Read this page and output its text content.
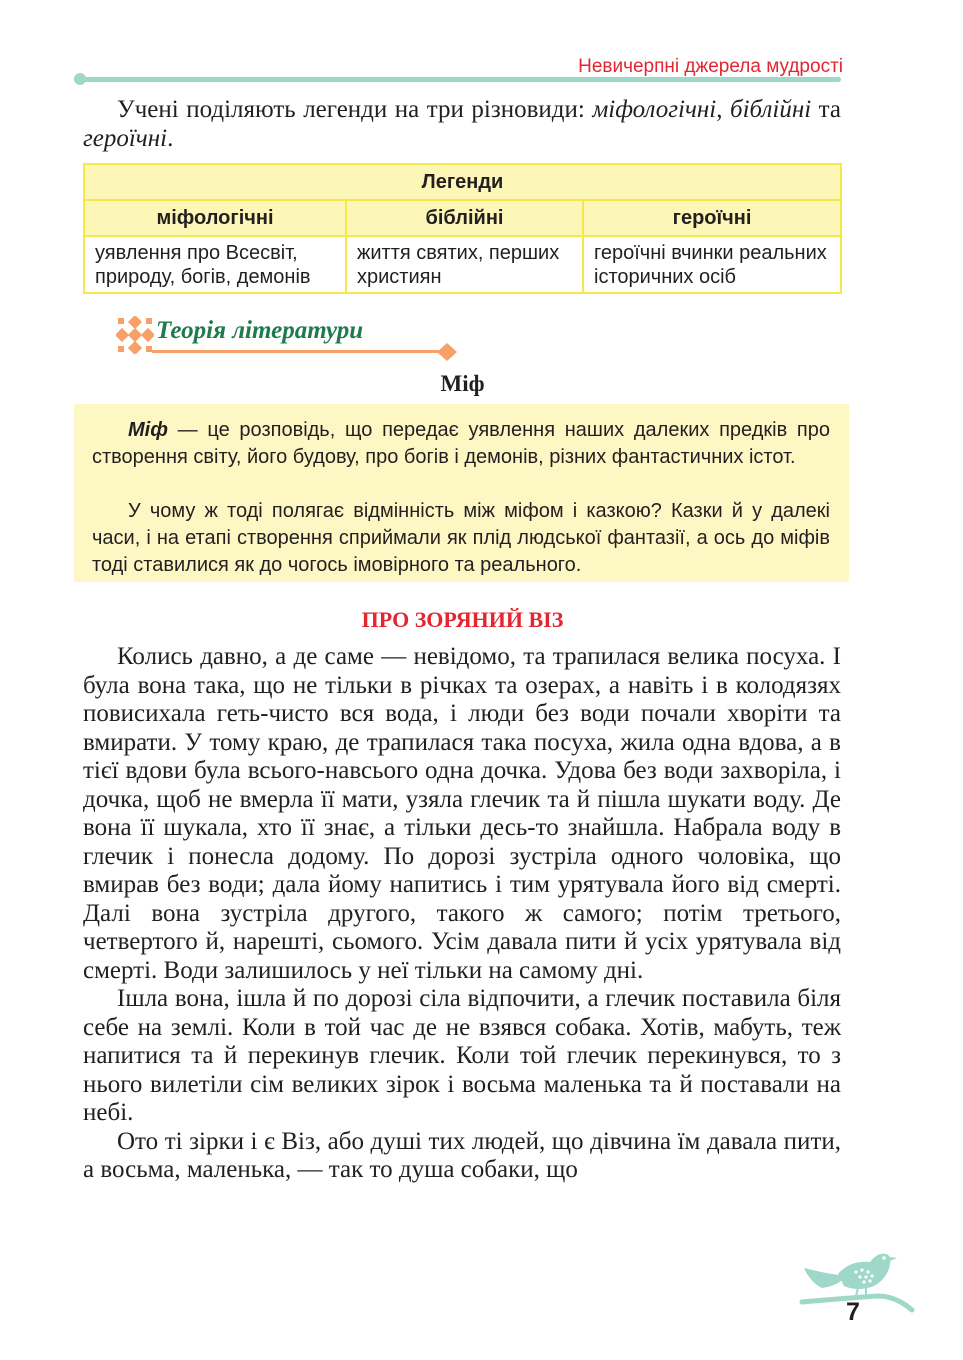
Невичерпні джерела мудрості

Учені поділяють легенди на три різновиди: міфологічні, біблійні та героїчні.

Легенди		
міфологічні	біблійні	героїчні
уявлення про Всесвіт, природу, богів, демонів	життя святих, перших християн	героїчні вчинки реальних історичних осіб
Теорія літератури
Міф

Міф — це розповідь, що передає уявлення наших далеких предків про створення світу, його будову, про богів і демонів, різних фантастичних істот.

У чому ж тоді полягає відмінність між міфом і казкою? Казки й у далекі часи, і на етапі створення сприймали як плід людської фантазії, а ось до міфів тоді ставилися як до чогось імовірного та реального.

ПРО ЗОРЯНИЙ ВІЗ

Колись давно, а де саме — невідомо, та трапилася велика посуха. І була вона така, що не тільки в річках та озерах, а навіть і в колодязях повисихала геть-чисто вся вода, і люди без води почали хворіти та вмирати. У тому краю, де трапилася така посуха, жила одна вдова, а в тієї вдови була всього-навсього одна дочка. Удова без води захворіла, і дочка, щоб не вмерла її мати, узяла глечик та й пішла шукати воду. Де вона її шукала, хто її знає, а тільки десь-то знайшла. Набрала воду в глечик і понесла додому. По дорозі зустріла одного чоловіка, що вмирав без води; дала йому напитись і тим урятувала його від смерті. Далі вона зустріла другого, такого ж самого; потім третього, четвертого й, нарешті, сьомого. Усім давала пити й усіх урятувала від смерті. Води залишилось у неї тільки на самому дні.

Ішла вона, ішла й по дорозі сіла відпочити, а глечик поставила біля себе на землі. Коли в той час де не взявся собака. Хотів, мабуть, теж напитися та й перекинув глечик. Коли той глечик перекинувся, то з нього вилетіли сім великих зірок і восьма маленька та й поставали на небі.

Ото ті зірки і є Віз, або душі тих людей, що дівчина їм давала пити, а восьма, маленька, — так то душа собаки, що

7
